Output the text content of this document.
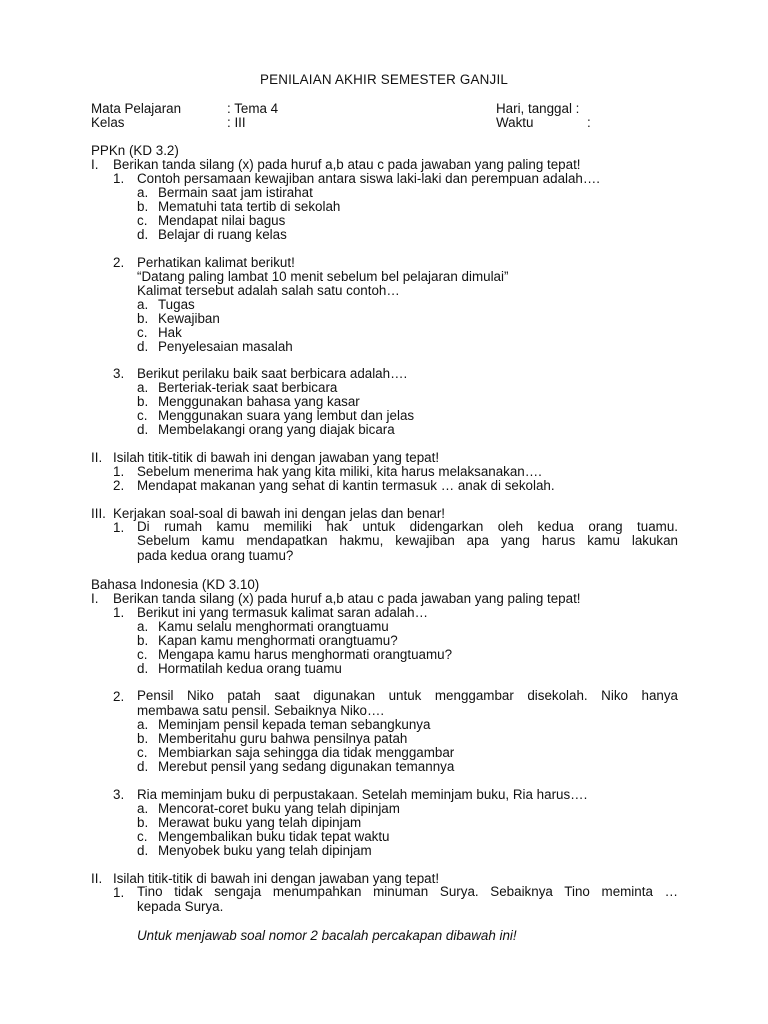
PENILAIAN AKHIR SEMESTER GANJIL
Mata Pelajaran	: Tema 4	Hari, tanggal :
Kelas	: III	Waktu	:
PPKn (KD 3.2)
I. Berikan tanda silang (x) pada huruf a,b atau c pada jawaban yang paling tepat!
1. Contoh persamaan kewajiban antara siswa laki-laki dan perempuan adalah….
a. Bermain saat jam istirahat
b. Mematuhi tata tertib di sekolah
c. Mendapat nilai bagus
d. Belajar di ruang kelas
2. Perhatikan kalimat berikut!
“Datang paling lambat 10 menit sebelum bel pelajaran dimulai”
Kalimat tersebut adalah salah satu contoh…
a. Tugas
b. Kewajiban
c. Hak
d. Penyelesaian masalah
3. Berikut perilaku baik saat berbicara adalah….
a. Berteriak-teriak saat berbicara
b. Menggunakan bahasa yang kasar
c. Menggunakan suara yang lembut dan jelas
d. Membelakangi orang yang diajak bicara
II. Isilah titik-titik di bawah ini dengan jawaban yang tepat!
1. Sebelum menerima hak yang kita miliki, kita harus melaksanakan….
2. Mendapat makanan yang sehat di kantin termasuk … anak di sekolah.
III. Kerjakan soal-soal di bawah ini dengan jelas dan benar!
1. Di rumah kamu memiliki hak untuk didengarkan oleh kedua orang tuamu.
Sebelum kamu mendapatkan hakmu, kewajiban apa yang harus kamu lakukan
pada kedua orang tuamu?
Bahasa Indonesia (KD 3.10)
I. Berikan tanda silang (x) pada huruf a,b atau c pada jawaban yang paling tepat!
1. Berikut ini yang termasuk kalimat saran adalah…
a. Kamu selalu menghormati orangtuamu
b. Kapan kamu menghormati orangtuamu?
c. Mengapa kamu harus menghormati orangtuamu?
d. Hormatilah kedua orang tuamu
2. Pensil Niko patah saat digunakan untuk menggambar disekolah. Niko hanya
membawa satu pensil. Sebaiknya Niko….
a. Meminjam pensil kepada teman sebangkunya
b. Memberitahu guru bahwa pensilnya patah
c. Membiarkan saja sehingga dia tidak menggambar
d. Merebut pensil yang sedang digunakan temannya
3. Ria meminjam buku di perpustakaan. Setelah meminjam buku, Ria harus….
a. Mencorat-coret buku yang telah dipinjam
b. Merawat buku yang telah dipinjam
c. Mengembalikan buku tidak tepat waktu
d. Menyobek buku yang telah dipinjam
II. Isilah titik-titik di bawah ini dengan jawaban yang tepat!
1. Tino tidak sengaja menumpahkan minuman Surya. Sebaiknya Tino meminta …
kepada Surya.
Untuk menjawab soal nomor 2 bacalah percakapan dibawah ini!
